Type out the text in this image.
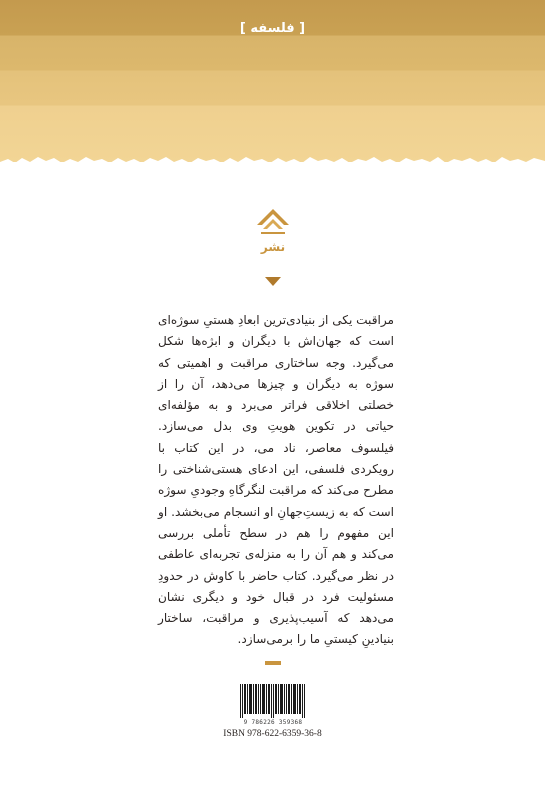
[ فلسفه ]
نشر

مراقبت یکی از بنیادی‌ترین ابعادِ هستیِ سوژه‌ای است که جهان‌اش با دیگران و ابژه‌ها شکل می‌گیرد. وجه ساختاری مراقبت و اهمیتی که سوژه به دیگران و چیزها می‌دهد، آن را از خصلتی اخلاقی فراتر می‌برد و به مؤلفه‌ای حیاتی در تکوین هویتِ وی بدل می‌سازد. فیلسوف معاصر، ناد می، در این کتاب با رویکردی فلسفی، این ادعای هستی‌شناختی را مطرح می‌کند که مراقبت لنگرگاهِ وجودیِ سوژه است که به زیستِ‌جهانِ او انسجام می‌بخشد. او این مفهوم را هم در سطح تأملی بررسی می‌کند و هم آن را به منزله‌ی تجربه‌ای عاطفی در نظر می‌گیرد. کتاب حاضر با کاوش در حدودِ مسئولیت فرد در قبال خود و دیگری نشان می‌دهد که آسیب‌پذیری و مراقبت، ساختار بنیادینِ کیستیِ ما را برمی‌سازد.

9 786226 359368
ISBN 978-622-6359-36-8
